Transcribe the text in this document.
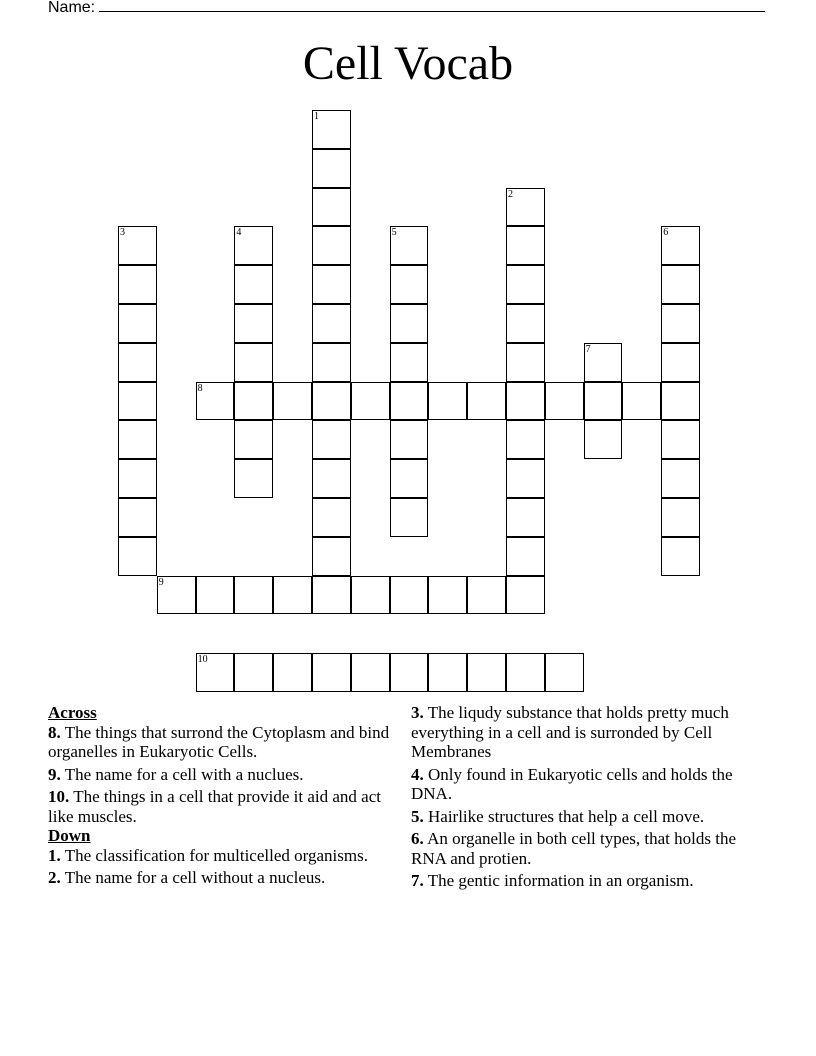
Name:
Cell Vocab
1
2
3	4	5	6
7
8
9
10
Across
8. The things that surrond the Cytoplasm and bind organelles in Eukaryotic Cells.
9. The name for a cell with a nuclues.
10. The things in a cell that provide it aid and act like muscles.
Down
1. The classification for multicelled organisms.
2. The name for a cell without a nucleus.
3. The liqudy substance that holds pretty much everything in a cell and is surronded by Cell Membranes
4. Only found in Eukaryotic cells and holds the DNA.
5. Hairlike structures that help a cell move.
6. An organelle in both cell types, that holds the RNA and protien.
7. The gentic information in an organism.
